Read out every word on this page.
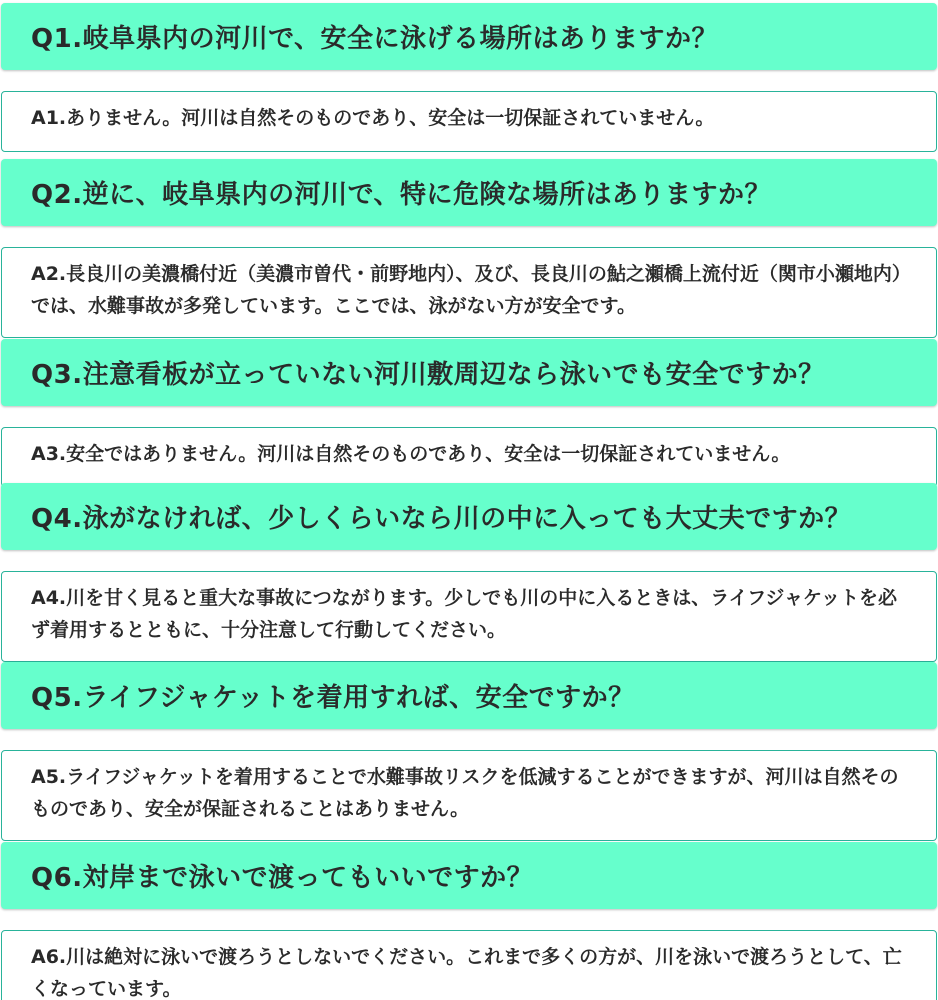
Q1.岐阜県内の河川で、安全に泳げる場所はありますか？
A1.ありません。河川は自然そのものであり、安全は一切保証されていません。
Q2.逆に、岐阜県内の河川で、特に危険な場所はありますか？
A2.長良川の美濃橋付近（美濃市曽代・前野地内）、及び、長良川の鮎之瀬橋上流付近（関市小瀬地内）では、水難事故が多発しています。ここでは、泳がない方が安全です。
Q3.注意看板が立っていない河川敷周辺なら泳いでも安全ですか？
A3.安全ではありません。河川は自然そのものであり、安全は一切保証されていません。
Q4.泳がなければ、少しくらいなら川の中に入っても大丈夫ですか？
A4.川を甘く見ると重大な事故につながります。少しでも川の中に入るときは、ライフジャケットを必ず着用するとともに、十分注意して行動してください。
Q5.ライフジャケットを着用すれば、安全ですか？
A5.ライフジャケットを着用することで水難事故リスクを低減することができますが、河川は自然そのものであり、安全が保証されることはありません。
Q6.対岸まで泳いで渡ってもいいですか？
A6.川は絶対に泳いで渡ろうとしないでください。これまで多くの方が、川を泳いで渡ろうとして、亡くなっています。
